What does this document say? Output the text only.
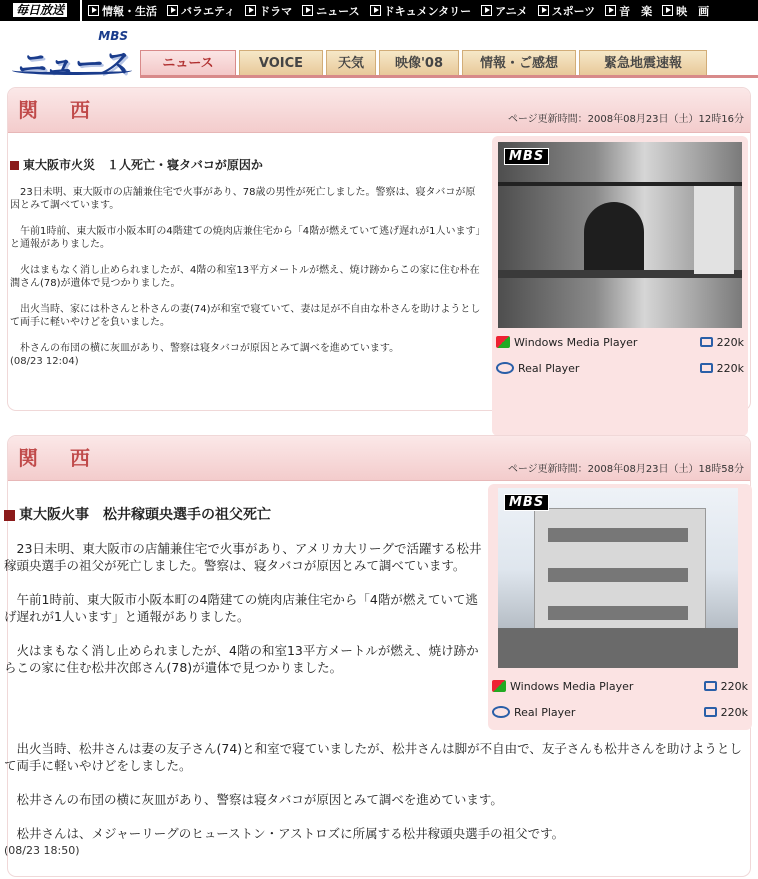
毎日放送	情報・生活 バラエティ ドラマ ニュース ドキュメンタリー アニメ スポーツ 音　楽 映　画
MBS
ニュース	ニュース	VOICE	天気	映像'08	情報・ご感想	緊急地震速報
関　西	ページ更新時間：2008年08月23日（土）12時16分
東大阪市火災　１人死亡・寝タバコが原因か

23日未明、東大阪市の店舗兼住宅で火事があり、78歳の男性が死亡しました。警察は、寝タバコが原因とみて調べています。

午前1時前、東大阪市小阪本町の4階建ての焼肉店兼住宅から「4階が燃えていて逃げ遅れが1人います」と通報がありました。

火はまもなく消し止められましたが、4階の和室13平方メートルが燃え、焼け跡からこの家に住む朴在潤さん(78)が遺体で見つかりました。

出火当時、家には朴さんと朴さんの妻(74)が和室で寝ていて、妻は足が不自由な朴さんを助けようとして両手に軽いやけどを負いました。

朴さんの布団の横に灰皿があり、警察は寝タバコが原因とみて調べを進めています。

(08/23 12:04)
MBS
Windows Media Player	220k
Real Player	220k
関　西	ページ更新時間：2008年08月23日（土）18時58分
東大阪火事　松井稼頭央選手の祖父死亡

23日未明、東大阪市の店舗兼住宅で火事があり、アメリカ大リーグで活躍する松井稼頭央選手の祖父が死亡しました。警察は、寝タバコが原因とみて調べています。

午前1時前、東大阪市小阪本町の4階建ての焼肉店兼住宅から「4階が燃えていて逃げ遅れが1人います」と通報がありました。

火はまもなく消し止められましたが、4階の和室13平方メートルが燃え、焼け跡からこの家に住む松井次郎さん(78)が遺体で見つかりました。

出火当時、松井さんは妻の友子さん(74)と和室で寝ていましたが、松井さんは脚が不自由で、友子さんも松井さんを助けようとして両手に軽いやけどをしました。

松井さんの布団の横に灰皿があり、警察は寝タバコが原因とみて調べを進めています。

松井さんは、メジャーリーグのヒューストン・アストロズに所属する松井稼頭央選手の祖父です。

(08/23 18:50)
MBS
Windows Media Player	220k
Real Player	220k
